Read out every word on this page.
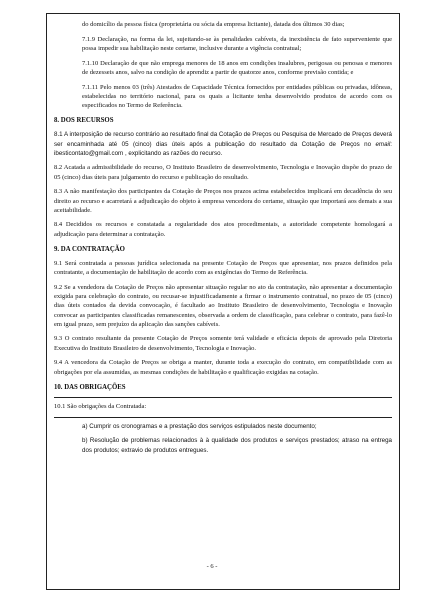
do domicílio da pessoa física (proprietária ou sócia da empresa licitante), datada dos últimos 30 dias;

7.1.9 Declaração, na forma da lei, sujeitando-se às penalidades cabíveis, da inexistência de fato superveniente que possa impedir sua habilitação neste certame, inclusive durante a vigência contratual;

7.1.10 Declaração de que não emprega menores de 18 anos em condições insalubres, perigosas ou penosas e menores de dezesseis anos, salvo na condição de aprendiz a partir de quatorze anos, conforme previsão contida; e

7.1.11 Pelo menos 03 (três) Atestados de Capacidade Técnica fornecidos por entidades públicas ou privadas, idôneas, estabelecidas no território nacional, para os quais a licitante tenha desenvolvido produtos de acordo com os especificados no Termo de Referência.

8. DOS RECURSOS

8.1 A interposição de recurso contrário ao resultado final da Cotação de Preços ou Pesquisa de Mercado de Preços deverá ser encaminhada até 05 (cinco) dias úteis após a publicação do resultado da Cotação de Preços no email: ibesticontato@gmail.com , explicitando as razões do recurso.

8.2 Acatada a admissibilidade do recurso, O Instituto Brasileiro de desenvolvimento, Tecnologia e Inovação dispõe do prazo de 05 (cinco) dias úteis para julgamento do recurso e publicação do resultado.

8.3 A não manifestação dos participantes da Cotação de Preços nos prazos acima estabelecidos implicará em decadência do seu direito ao recurso e acarretará a adjudicação do objeto à empresa vencedora do certame, situação que importará aos demais a sua aceitabilidade.

8.4 Decididos os recursos e constatada a regularidade dos atos procedimentais, a autoridade competente homologará a adjudicação para determinar a contratação.

9. DA CONTRATAÇÃO

9.1 Será contratada a pessoas jurídica selecionada na presente Cotação de Preços que apresentar, nos prazos definidos pela contratante, a documentação de habilitação de acordo com as exigências do Termo de Referência.

9.2 Se a vendedora da Cotação de Preços não apresentar situação regular no ato da contratação, não apresentar a documentação exigida para celebração do contrato, ou recusar-se injustificadamente a firmar o instrumento contratual, no prazo de 05 (cinco) dias úteis contados da devida convocação, é facultado ao Instituto Brasileiro de desenvolvimento, Tecnologia e Inovação convocar as participantes classificadas remanescentes, observada a ordem de classificação, para celebrar o contrato, para fazê-lo em igual prazo, sem prejuízo da aplicação das sanções cabíveis.

9.3 O contrato resultante da presente Cotação de Preços somente terá validade e eficácia depois de aprovado pela Diretoria Executiva do Instituto Brasileiro de desenvolvimento, Tecnologia e Inovação.

9.4 A vencedora da Cotação de Preços se obriga a manter, durante toda a execução do contrato, em compatibilidade com as obrigações por ela assumidas, as mesmas condições de habilitação e qualificação exigidas na cotação.

10. DAS OBRIGAÇÕES

10.1 São obrigações da Contratada:

a) Cumprir os cronogramas e a prestação dos serviços estipulados neste documento;

b) Resolução de problemas relacionados à à qualidade dos produtos e serviços prestados; atraso na entrega dos produtos; extravio de produtos entregues.

- 6 -
